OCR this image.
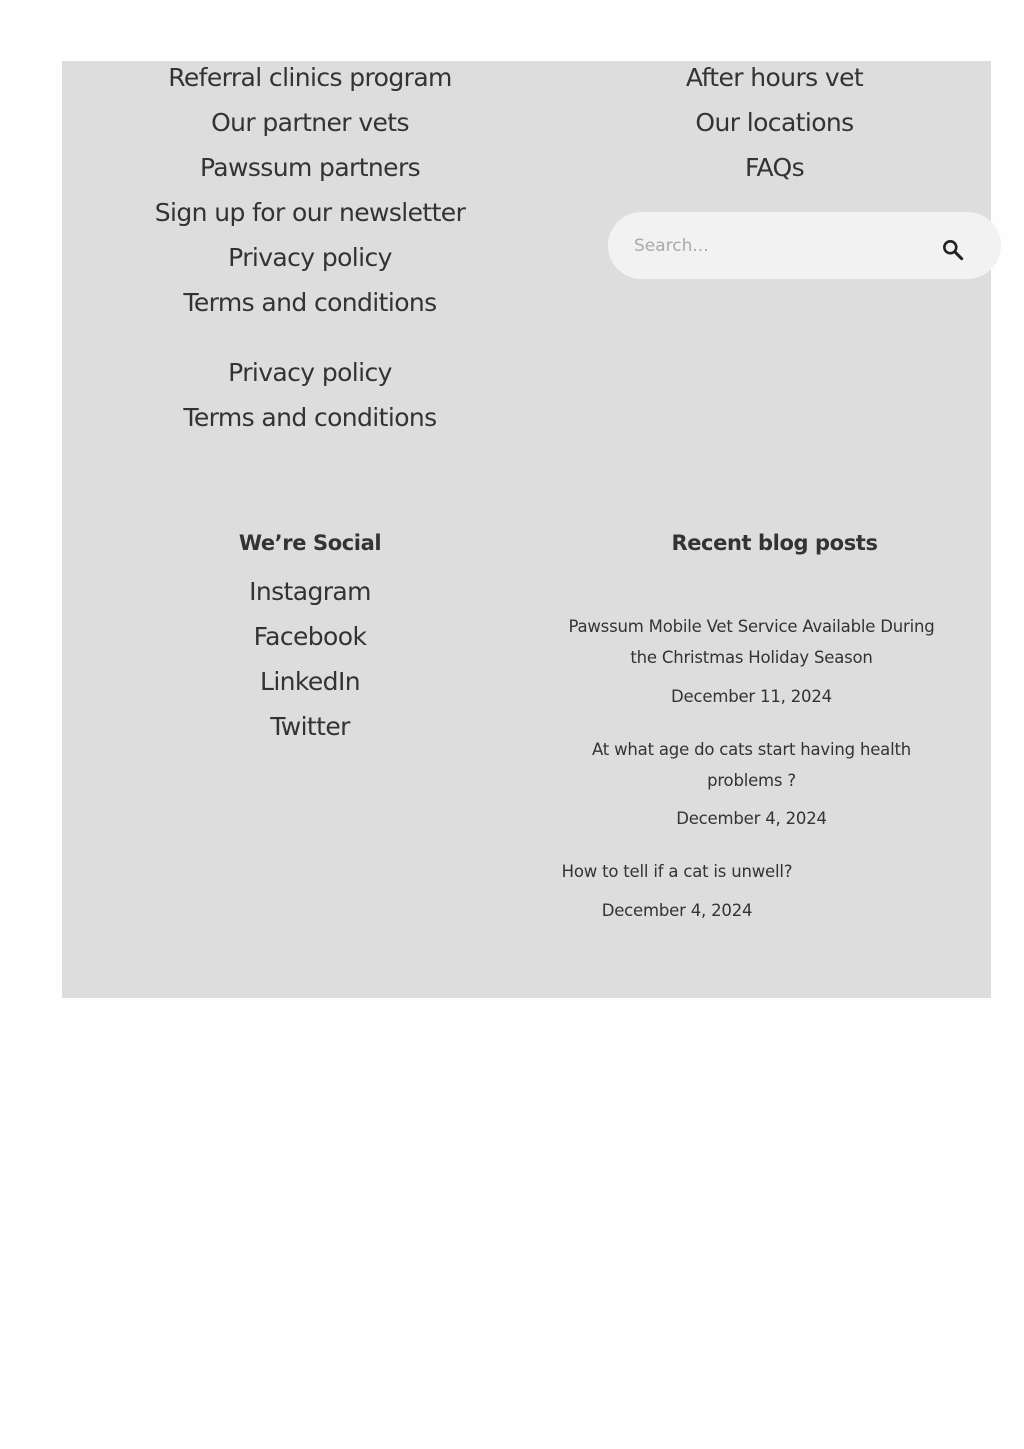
Referral clinics program
Our partner vets
Pawssum partners
Sign up for our newsletter
Privacy policy
Terms and conditions
Privacy policy
Terms and conditions
We’re Social
Instagram
Facebook
LinkedIn
Twitter
After hours vet
Our locations
FAQs
Search...
Recent blog posts
Pawssum Mobile Vet Service Available During the Christmas Holiday Season
December 11, 2024
At what age do cats start having health problems ?
December 4, 2024
How to tell if a cat is unwell?
December 4, 2024
